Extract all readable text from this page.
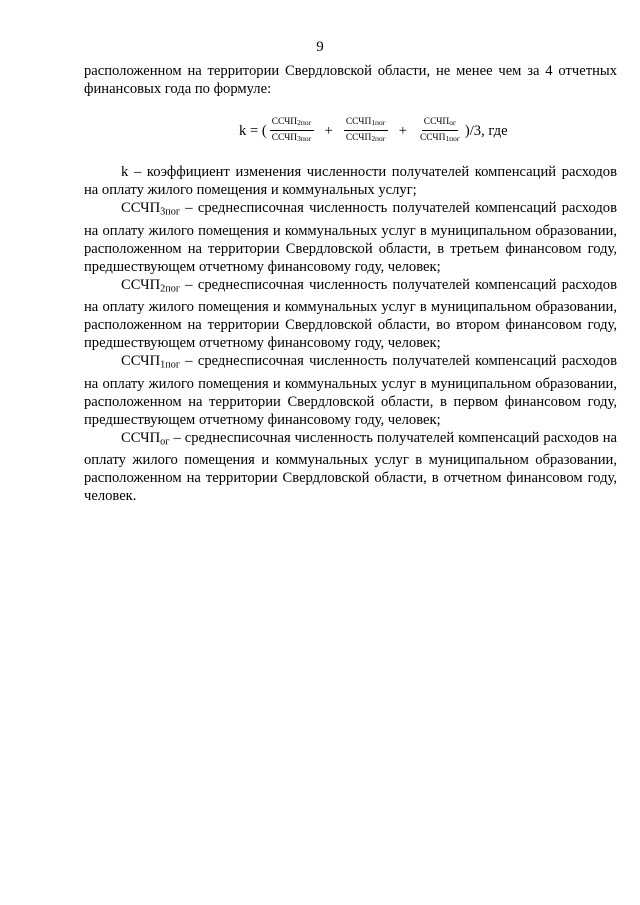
9

расположенном на территории Свердловской области, не менее чем за 4 отчетных финансовых года по формуле:

k = ( $\frac{\text{ССЧП2пог}}{\text{ССЧП3пог}} + \frac{\text{ССЧП1пог}}{\text{ССЧП2пог}} + \frac{\text{ССЧПог}}{\text{ССЧП1пог}} )/3$, где

k – коэффициент изменения численности получателей компенсаций расходов на оплату жилого помещения и коммунальных услуг;

$ССЧП_{3пог}$ – среднесписочная численность получателей компенсаций расходов на оплату жилого помещения и коммунальных услуг в муниципальном образовании, расположенном на территории Свердловской области, в третьем финансовом году, предшествующем отчетному финансовому году, человек;

$ССЧП_{2пог}$ – среднесписочная численность получателей компенсаций расходов на оплату жилого помещения и коммунальных услуг в муниципальном образовании, расположенном на территории Свердловской области, во втором финансовом году, предшествующем отчетному финансовому году, человек;

$ССЧП_{1пог}$ – среднесписочная численность получателей компенсаций расходов на оплату жилого помещения и коммунальных услуг в муниципальном образовании, расположенном на территории Свердловской области, в первом финансовом году, предшествующем отчетному финансовому году, человек;

$ССЧП_{ог}$ – среднесписочная численность получателей компенсаций расходов на оплату жилого помещения и коммунальных услуг в муниципальном образовании, расположенном на территории Свердловской области, в отчетном финансовом году, человек.
